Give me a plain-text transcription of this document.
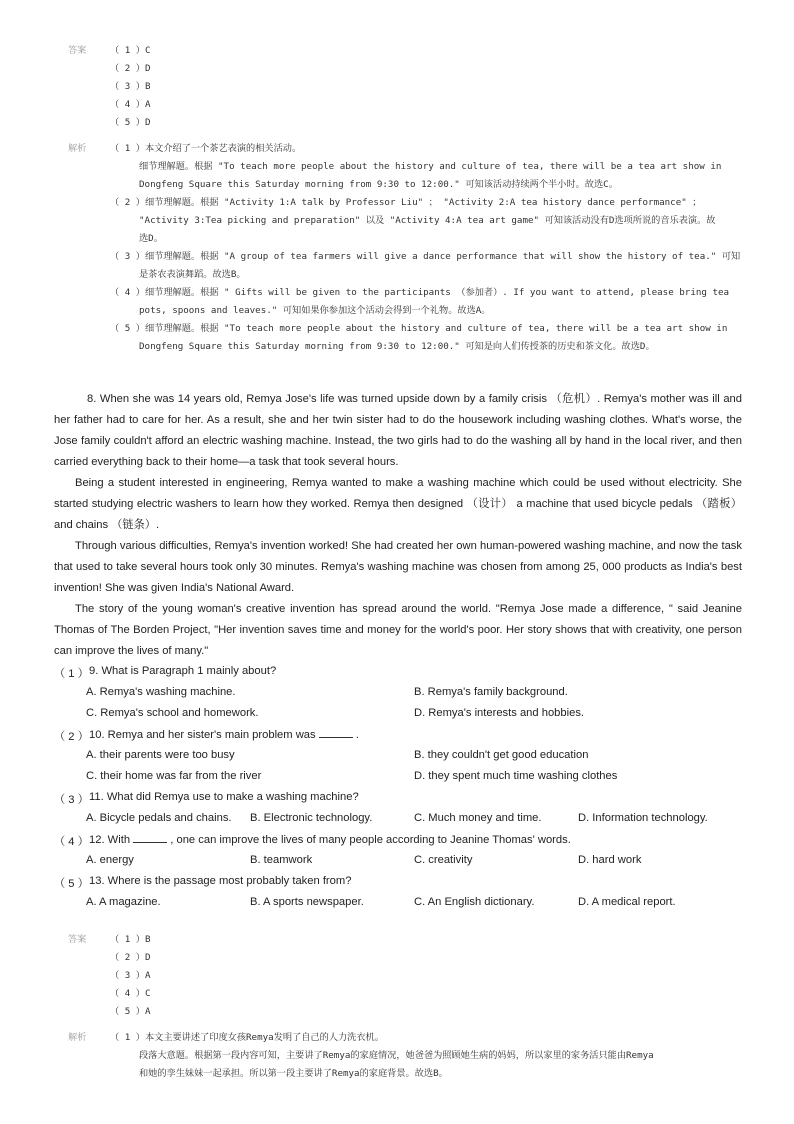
答案	（ 1 ）C
（ 2 ）D
（ 3 ）B
（ 4 ）A
（ 5 ）D
解析	（ 1 ）本文介绍了一个茶艺表演的相关活动。
细节理解题。根据 "To teach more people about the history and culture of tea, there will be a tea art show in
Dongfeng Square this Saturday morning from 9:30 to 12:00." 可知该活动持续两个半小时。故选C。
（ 2 ）细节理解题。根据 "Activity 1:A talk by Professor Liu" ； "Activity 2:A tea history dance performance" ；
"Activity 3:Tea picking and preparation" 以及 "Activity 4:A tea art game" 可知该活动没有D选项所说的音乐表演。故
选D。
（ 3 ）细节理解题。根据 "A group of tea farmers will give a dance performance that will show the history of tea." 可知
是茶农表演舞蹈。故选B。
（ 4 ）细节理解题。根据 " Gifts will be given to the participants （参加者）. If you want to attend, please bring tea
pots, spoons and leaves." 可知如果你参加这个活动会得到一个礼物。故选A。
（ 5 ）细节理解题。根据 "To teach more people about the history and culture of tea, there will be a tea art show in
Dongfeng Square this Saturday morning from 9:30 to 12:00." 可知是向人们传授茶的历史和茶文化。故选D。

8. When she was 14 years old, Remya Jose's life was turned upside down by a family crisis （危机）. Remya's mother was ill and her father had to care for her. As a result, she and her twin sister had to do the housework including washing clothes. What's worse, the Jose family couldn't afford an electric washing machine. Instead, the two girls had to do the washing all by hand in the local river, and then carried everything back to their home—a task that took several hours.

Being a student interested in engineering, Remya wanted to make a washing machine which could be used without electricity. She started studying electric washers to learn how they worked. Remya then designed （设计） a machine that used bicycle pedals （踏板） and chains （链条）.

Through various difficulties, Remya's invention worked! She had created her own human-powered washing machine, and now the task that used to take several hours took only 30 minutes. Remya's washing machine was chosen from among 25, 000 products as India's best invention! She was given India's National Award.

The story of the young woman's creative invention has spread around the world. "Remya Jose made a difference, " said Jeanine Thomas of The Borden Project, "Her invention saves time and money for the world's poor. Her story shows that with creativity, one person can improve the lives of many."

（ 1 ） 9. What is Paragraph 1 mainly about?
A. Remya's washing machine.	B. Remya's family background.
C. Remya's school and homework.	D. Remya's interests and hobbies.
（ 2 ） 10. Remya and her sister's main problem was	.
A. their parents were too busy	B. they couldn't get good education
C. their home was far from the river	D. they spent much time washing clothes
（ 3 ） 11. What did Remya use to make a washing machine?
A. Bicycle pedals and chains. B. Electronic technology.	C. Much money and time.	D. Information technology.
（ 4 ） 12. With	, one can improve the lives of many people according to Jeanine Thomas' words.
A. energy	B. teamwork	C. creativity	D. hard work
（ 5 ） 13. Where is the passage most probably taken from?
A. A magazine.	B. A sports newspaper.	C. An English dictionary.	D. A medical report.
答案	（ 1 ）B
（ 2 ）D
（ 3 ）A
（ 4 ）C
（ 5 ）A
解析	（ 1 ）本文主要讲述了印度女孩Remya发明了自己的人力洗衣机。
段落大意题。根据第一段内容可知，主要讲了Remya的家庭情况，她爸爸为照顾她生病的妈妈，所以家里的家务活只能由Remya
和她的孪生妹妹一起承担。所以第一段主要讲了Remya的家庭背景。故选B。
